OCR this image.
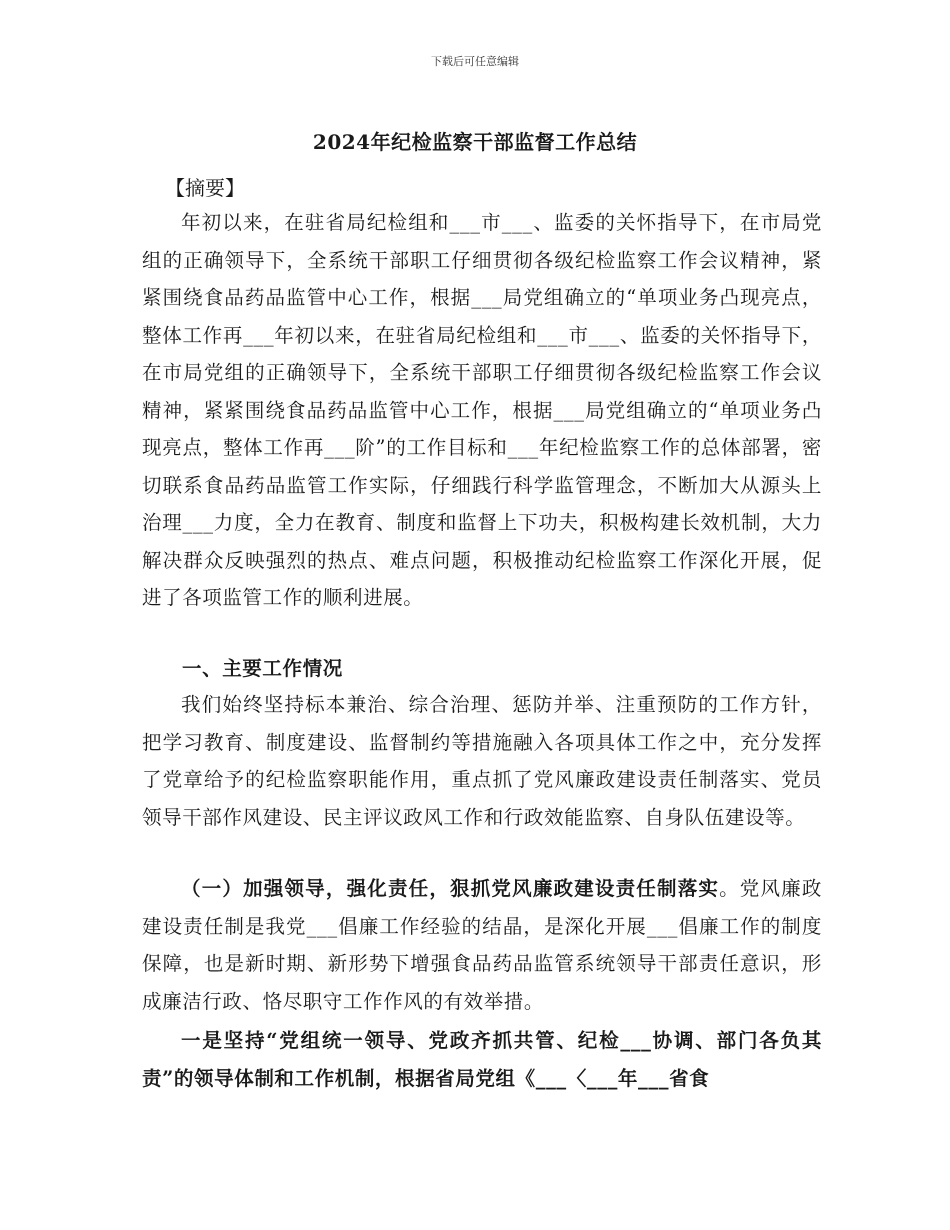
下载后可任意编辑
2024年纪检监察干部监督工作总结
【摘要】

年初以来，在驻省局纪检组和___市___、监委的关怀指导下，在市局党组的正确领导下，全系统干部职工仔细贯彻各级纪检监察工作会议精神，紧紧围绕食品药品监管中心工作，根据___局党组确立的“单项业务凸现亮点，整体工作再___年初以来，在驻省局纪检组和___市___、监委的关怀指导下，在市局党组的正确领导下，全系统干部职工仔细贯彻各级纪检监察工作会议精神，紧紧围绕食品药品监管中心工作，根据___局党组确立的“单项业务凸现亮点，整体工作再___阶”的工作目标和___年纪检监察工作的总体部署，密切联系食品药品监管工作实际，仔细践行科学监管理念，不断加大从源头上治理___力度，全力在教育、制度和监督上下功夫，积极构建长效机制，大力解决群众反映强烈的热点、难点问题，积极推动纪检监察工作深化开展，促进了各项监管工作的顺利进展。

一、主要工作情况

我们始终坚持标本兼治、综合治理、惩防并举、注重预防的工作方针，把学习教育、制度建设、监督制约等措施融入各项具体工作之中，充分发挥了党章给予的纪检监察职能作用，重点抓了党风廉政建设责任制落实、党员领导干部作风建设、民主评议政风工作和行政效能监察、自身队伍建设等。

（一）加强领导，强化责任，狠抓党风廉政建设责任制落实。党风廉政建设责任制是我党___倡廉工作经验的结晶，是深化开展___倡廉工作的制度保障，也是新时期、新形势下增强食品药品监管系统领导干部责任意识，形成廉洁行政、恪尽职守工作作风的有效举措。

一是坚持“党组统一领导、党政齐抓共管、纪检___协调、部门各负其责”的领导体制和工作机制，根据省局党组《___〈___年___省食
